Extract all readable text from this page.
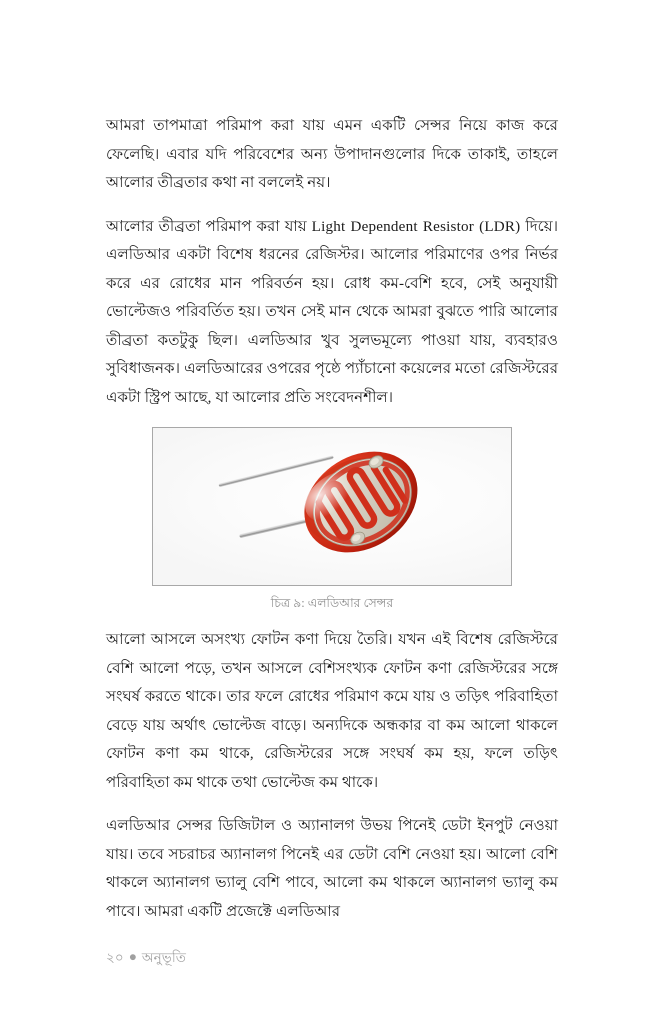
আমরা তাপমাত্রা পরিমাপ করা যায় এমন একটি সেন্সর নিয়ে কাজ করে ফেলেছি। এবার যদি পরিবেশের অন্য উপাদানগুলোর দিকে তাকাই, তাহলে আলোর তীব্রতার কথা না বললেই নয়।

আলোর তীব্রতা পরিমাপ করা যায় Light Dependent Resistor (LDR) দিয়ে। এলডিআর একটা বিশেষ ধরনের রেজিস্টর। আলোর পরিমাণের ওপর নির্ভর করে এর রোধের মান পরিবর্তন হয়। রোধ কম-বেশি হবে, সেই অনুযায়ী ভোল্টেজও পরিবর্তিত হয়। তখন সেই মান থেকে আমরা বুঝতে পারি আলোর তীব্রতা কতটুকু ছিল। এলডিআর খুব সুলভমূল্যে পাওয়া যায়, ব্যবহারও সুবিধাজনক। এলডিআরের ওপরের পৃষ্ঠে প্যাঁচানো কয়েলের মতো রেজিস্টরের একটা স্ট্রিপ আছে, যা আলোর প্রতি সংবেদনশীল।

চিত্র ৯: এলডিআর সেন্সর

আলো আসলে অসংখ্য ফোটন কণা দিয়ে তৈরি। যখন এই বিশেষ রেজিস্টরে বেশি আলো পড়ে, তখন আসলে বেশিসংখ্যক ফোটন কণা রেজিস্টরের সঙ্গে সংঘর্ষ করতে থাকে। তার ফলে রোধের পরিমাণ কমে যায় ও তড়িৎ পরিবাহিতা বেড়ে যায় অর্থাৎ ভোল্টেজ বাড়ে। অন্যদিকে অন্ধকার বা কম আলো থাকলে ফোটন কণা কম থাকে, রেজিস্টরের সঙ্গে সংঘর্ষ কম হয়, ফলে তড়িৎ পরিবাহিতা কম থাকে তথা ভোল্টেজ কম থাকে।

এলডিআর সেন্সর ডিজিটাল ও অ্যানালগ উভয় পিনেই ডেটা ইনপুট নেওয়া যায়। তবে সচরাচর অ্যানালগ পিনেই এর ডেটা বেশি নেওয়া হয়। আলো বেশি থাকলে অ্যানালগ ভ্যালু বেশি পাবে, আলো কম থাকলে অ্যানালগ ভ্যালু কম পাবে। আমরা একটি প্রজেক্টে এলডিআর

২০ ● অনুভূতি
